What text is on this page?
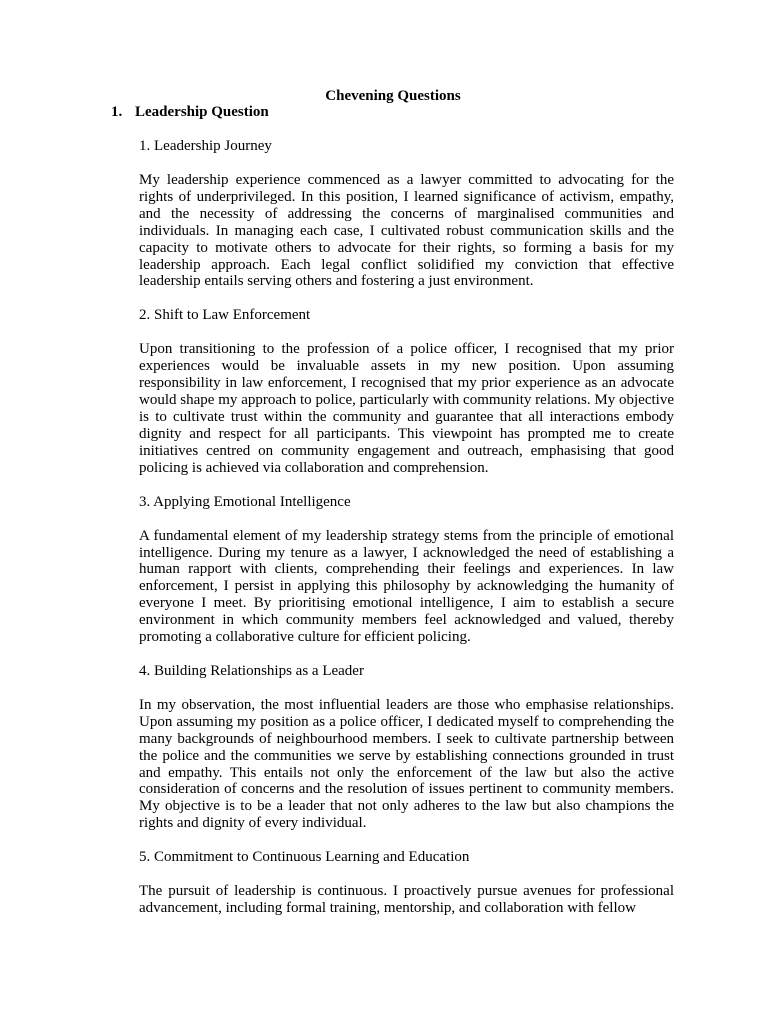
Chevening Questions
1. Leadership Question

1. Leadership Journey

My leadership experience commenced as a lawyer committed to advocating for the rights of underprivileged. In this position, I learned significance of activism, empathy, and the necessity of addressing the concerns of marginalised communities and individuals. In managing each case, I cultivated robust communication skills and the capacity to motivate others to advocate for their rights, so forming a basis for my leadership approach. Each legal conflict solidified my conviction that effective leadership entails serving others and fostering a just environment.

2. Shift to Law Enforcement

Upon transitioning to the profession of a police officer, I recognised that my prior experiences would be invaluable assets in my new position. Upon assuming responsibility in law enforcement, I recognised that my prior experience as an advocate would shape my approach to police, particularly with community relations. My objective is to cultivate trust within the community and guarantee that all interactions embody dignity and respect for all participants. This viewpoint has prompted me to create initiatives centred on community engagement and outreach, emphasising that good policing is achieved via collaboration and comprehension.

3. Applying Emotional Intelligence

A fundamental element of my leadership strategy stems from the principle of emotional intelligence. During my tenure as a lawyer, I acknowledged the need of establishing a human rapport with clients, comprehending their feelings and experiences. In law enforcement, I persist in applying this philosophy by acknowledging the humanity of everyone I meet. By prioritising emotional intelligence, I aim to establish a secure environment in which community members feel acknowledged and valued, thereby promoting a collaborative culture for efficient policing.

4. Building Relationships as a Leader

In my observation, the most influential leaders are those who emphasise relationships. Upon assuming my position as a police officer, I dedicated myself to comprehending the many backgrounds of neighbourhood members. I seek to cultivate partnership between the police and the communities we serve by establishing connections grounded in trust and empathy. This entails not only the enforcement of the law but also the active consideration of concerns and the resolution of issues pertinent to community members. My objective is to be a leader that not only adheres to the law but also champions the rights and dignity of every individual.

5. Commitment to Continuous Learning and Education

The pursuit of leadership is continuous. I proactively pursue avenues for professional advancement, including formal training, mentorship, and collaboration with fellow
